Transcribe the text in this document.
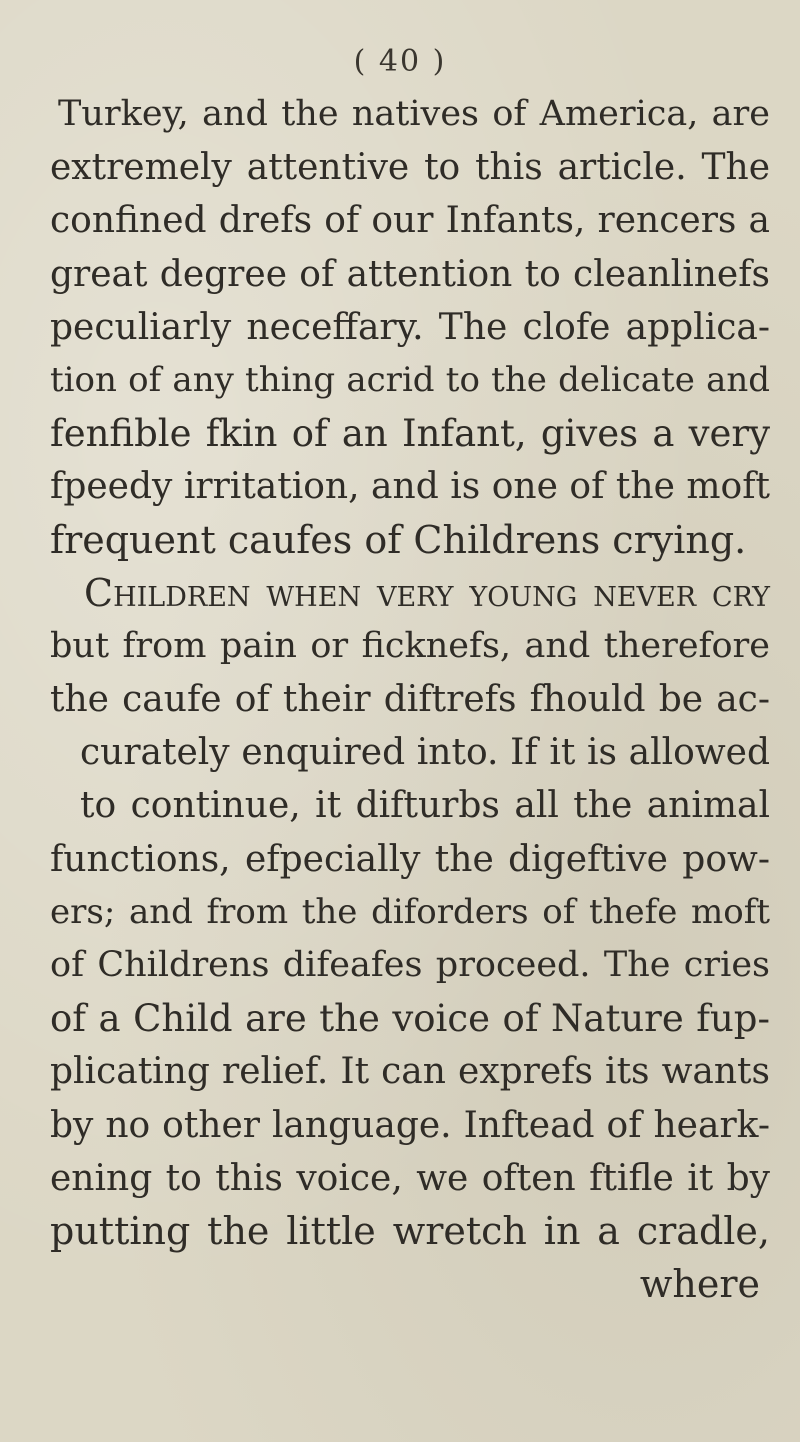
( 40 )
Turkey, and the natives of America, are
extremely attentive to this article. The
confined drefs of our Infants, rencers a
great degree of attention to cleanlinefs
peculiarly neceffary. The clofe applica-
tion of any thing acrid to the delicate and
fenfible fkin of an Infant, gives a very
fpeedy irritation, and is one of the moft
frequent caufes of Childrens crying.
Children when very young never cry
but from pain or ficknefs, and therefore
the caufe of their diftrefs fhould be ac-
curately enquired into. If it is allowed
to continue, it difturbs all the animal
functions, efpecially the digeftive pow-
ers; and from the diforders of thefe moft
of Childrens difeafes proceed. The cries
of a Child are the voice of Nature fup-
plicating relief. It can exprefs its wants
by no other language. Inftead of heark-
ening to this voice, we often ftifle it by
putting the little wretch in a cradle,
where
